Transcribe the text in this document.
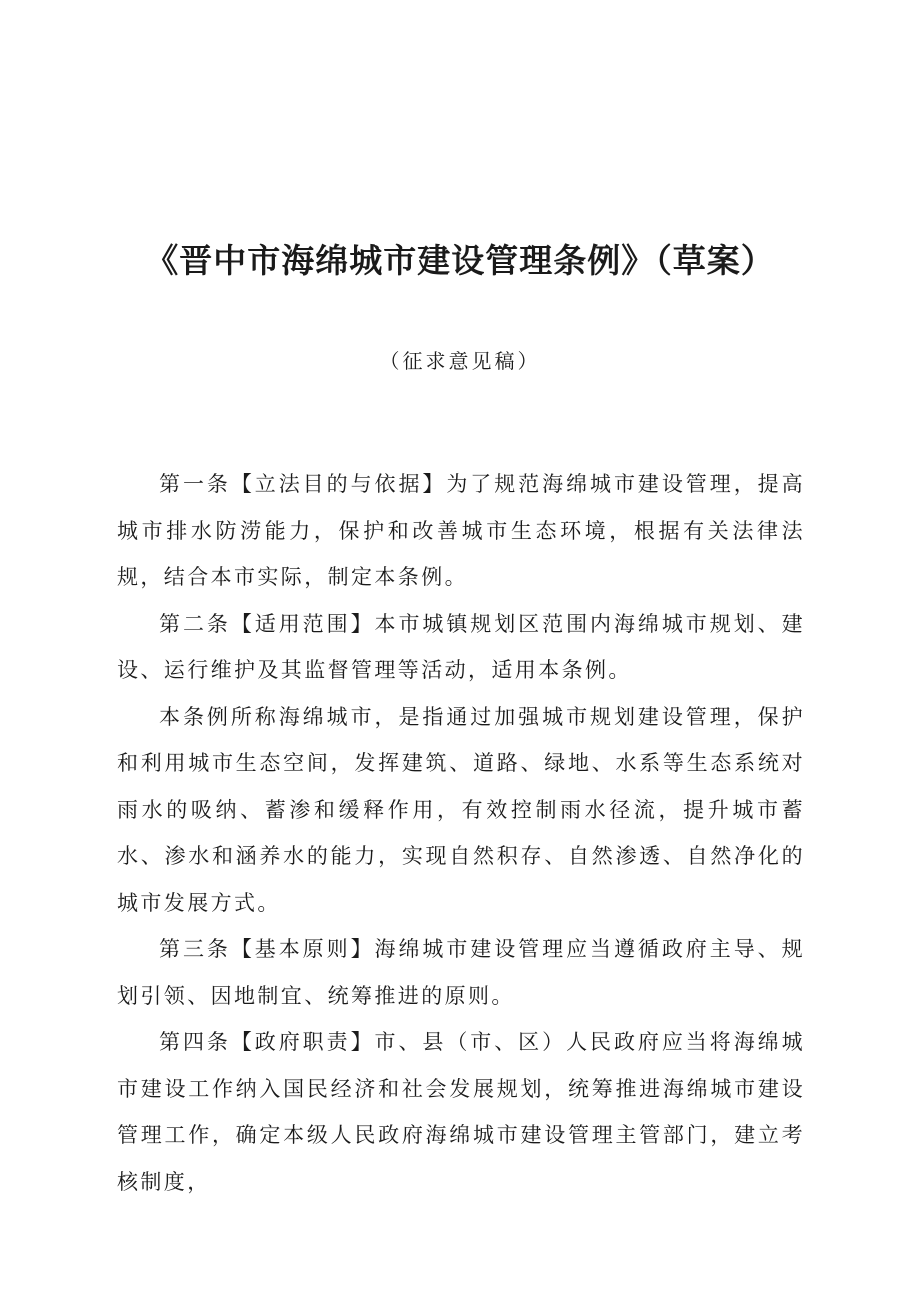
《晋中市海绵城市建设管理条例》（草案）
（征求意见稿）

第一条【立法目的与依据】为了规范海绵城市建设管理，提高城市排水防涝能力，保护和改善城市生态环境，根据有关法律法规，结合本市实际，制定本条例。

第二条【适用范围】本市城镇规划区范围内海绵城市规划、建设、运行维护及其监督管理等活动，适用本条例。

本条例所称海绵城市，是指通过加强城市规划建设管理，保护和利用城市生态空间，发挥建筑、道路、绿地、水系等生态系统对雨水的吸纳、蓄渗和缓释作用，有效控制雨水径流，提升城市蓄水、渗水和涵养水的能力，实现自然积存、自然渗透、自然净化的城市发展方式。

第三条【基本原则】海绵城市建设管理应当遵循政府主导、规划引领、因地制宜、统筹推进的原则。

第四条【政府职责】市、县（市、区）人民政府应当将海绵城市建设工作纳入国民经济和社会发展规划，统筹推进海绵城市建设管理工作，确定本级人民政府海绵城市建设管理主管部门，建立考核制度，
